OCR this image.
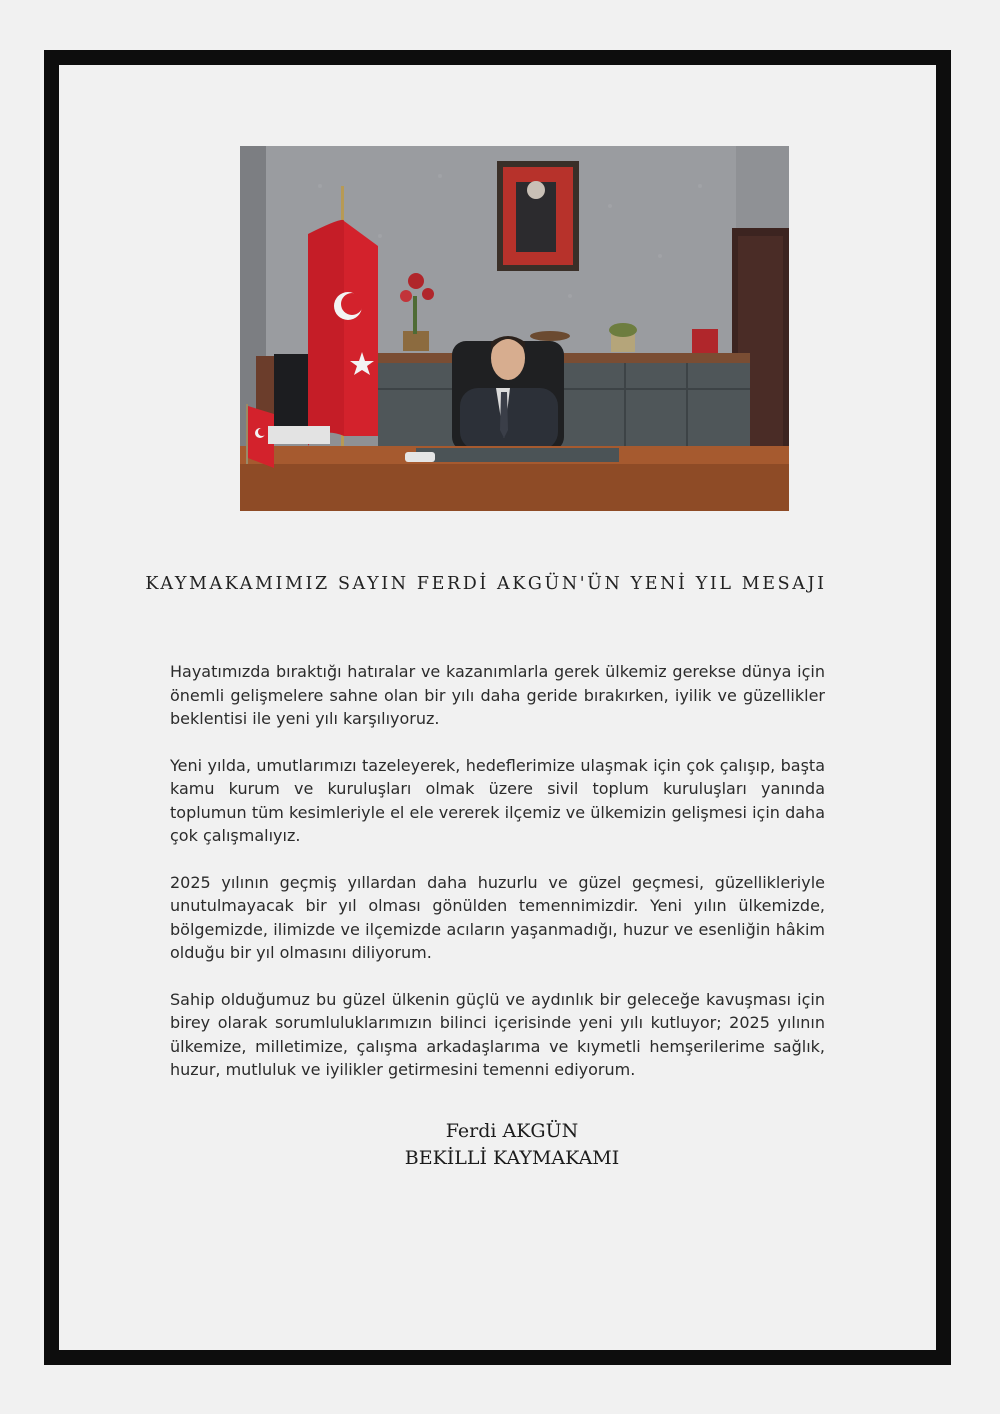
KAYMAKAMIMIZ SAYIN FERDİ AKGÜN'ÜN YENİ YIL MESAJI

Hayatımızda bıraktığı hatıralar ve kazanımlarla gerek ülkemiz gerekse dünya için önemli gelişmelere sahne olan bir yılı daha geride bırakırken, iyilik ve güzellikler beklentisi ile yeni yılı karşılıyoruz.

Yeni yılda, umutlarımızı tazeleyerek, hedeflerimize ulaşmak için çok çalışıp, başta kamu kurum ve kuruluşları olmak üzere sivil toplum kuruluşları yanında toplumun tüm kesimleriyle el ele vererek ilçemiz ve ülkemizin gelişmesi için daha çok çalışmalıyız.

2025 yılının geçmiş yıllardan daha huzurlu ve güzel geçmesi, güzellikleriyle unutulmayacak bir yıl olması gönülden temennimizdir. Yeni yılın ülkemizde, bölgemizde, ilimizde ve ilçemizde acıların yaşanmadığı, huzur ve esenliğin hâkim olduğu bir yıl olmasını diliyorum.

Sahip olduğumuz bu güzel ülkenin güçlü ve aydınlık bir geleceğe kavuşması için birey olarak sorumluluklarımızın bilinci içerisinde yeni yılı kutluyor; 2025 yılının ülkemize, milletimize, çalışma arkadaşlarıma ve kıymetli hemşerilerime sağlık, huzur, mutluluk ve iyilikler getirmesini temenni ediyorum.

Ferdi AKGÜN
BEKİLLİ KAYMAKAMI
